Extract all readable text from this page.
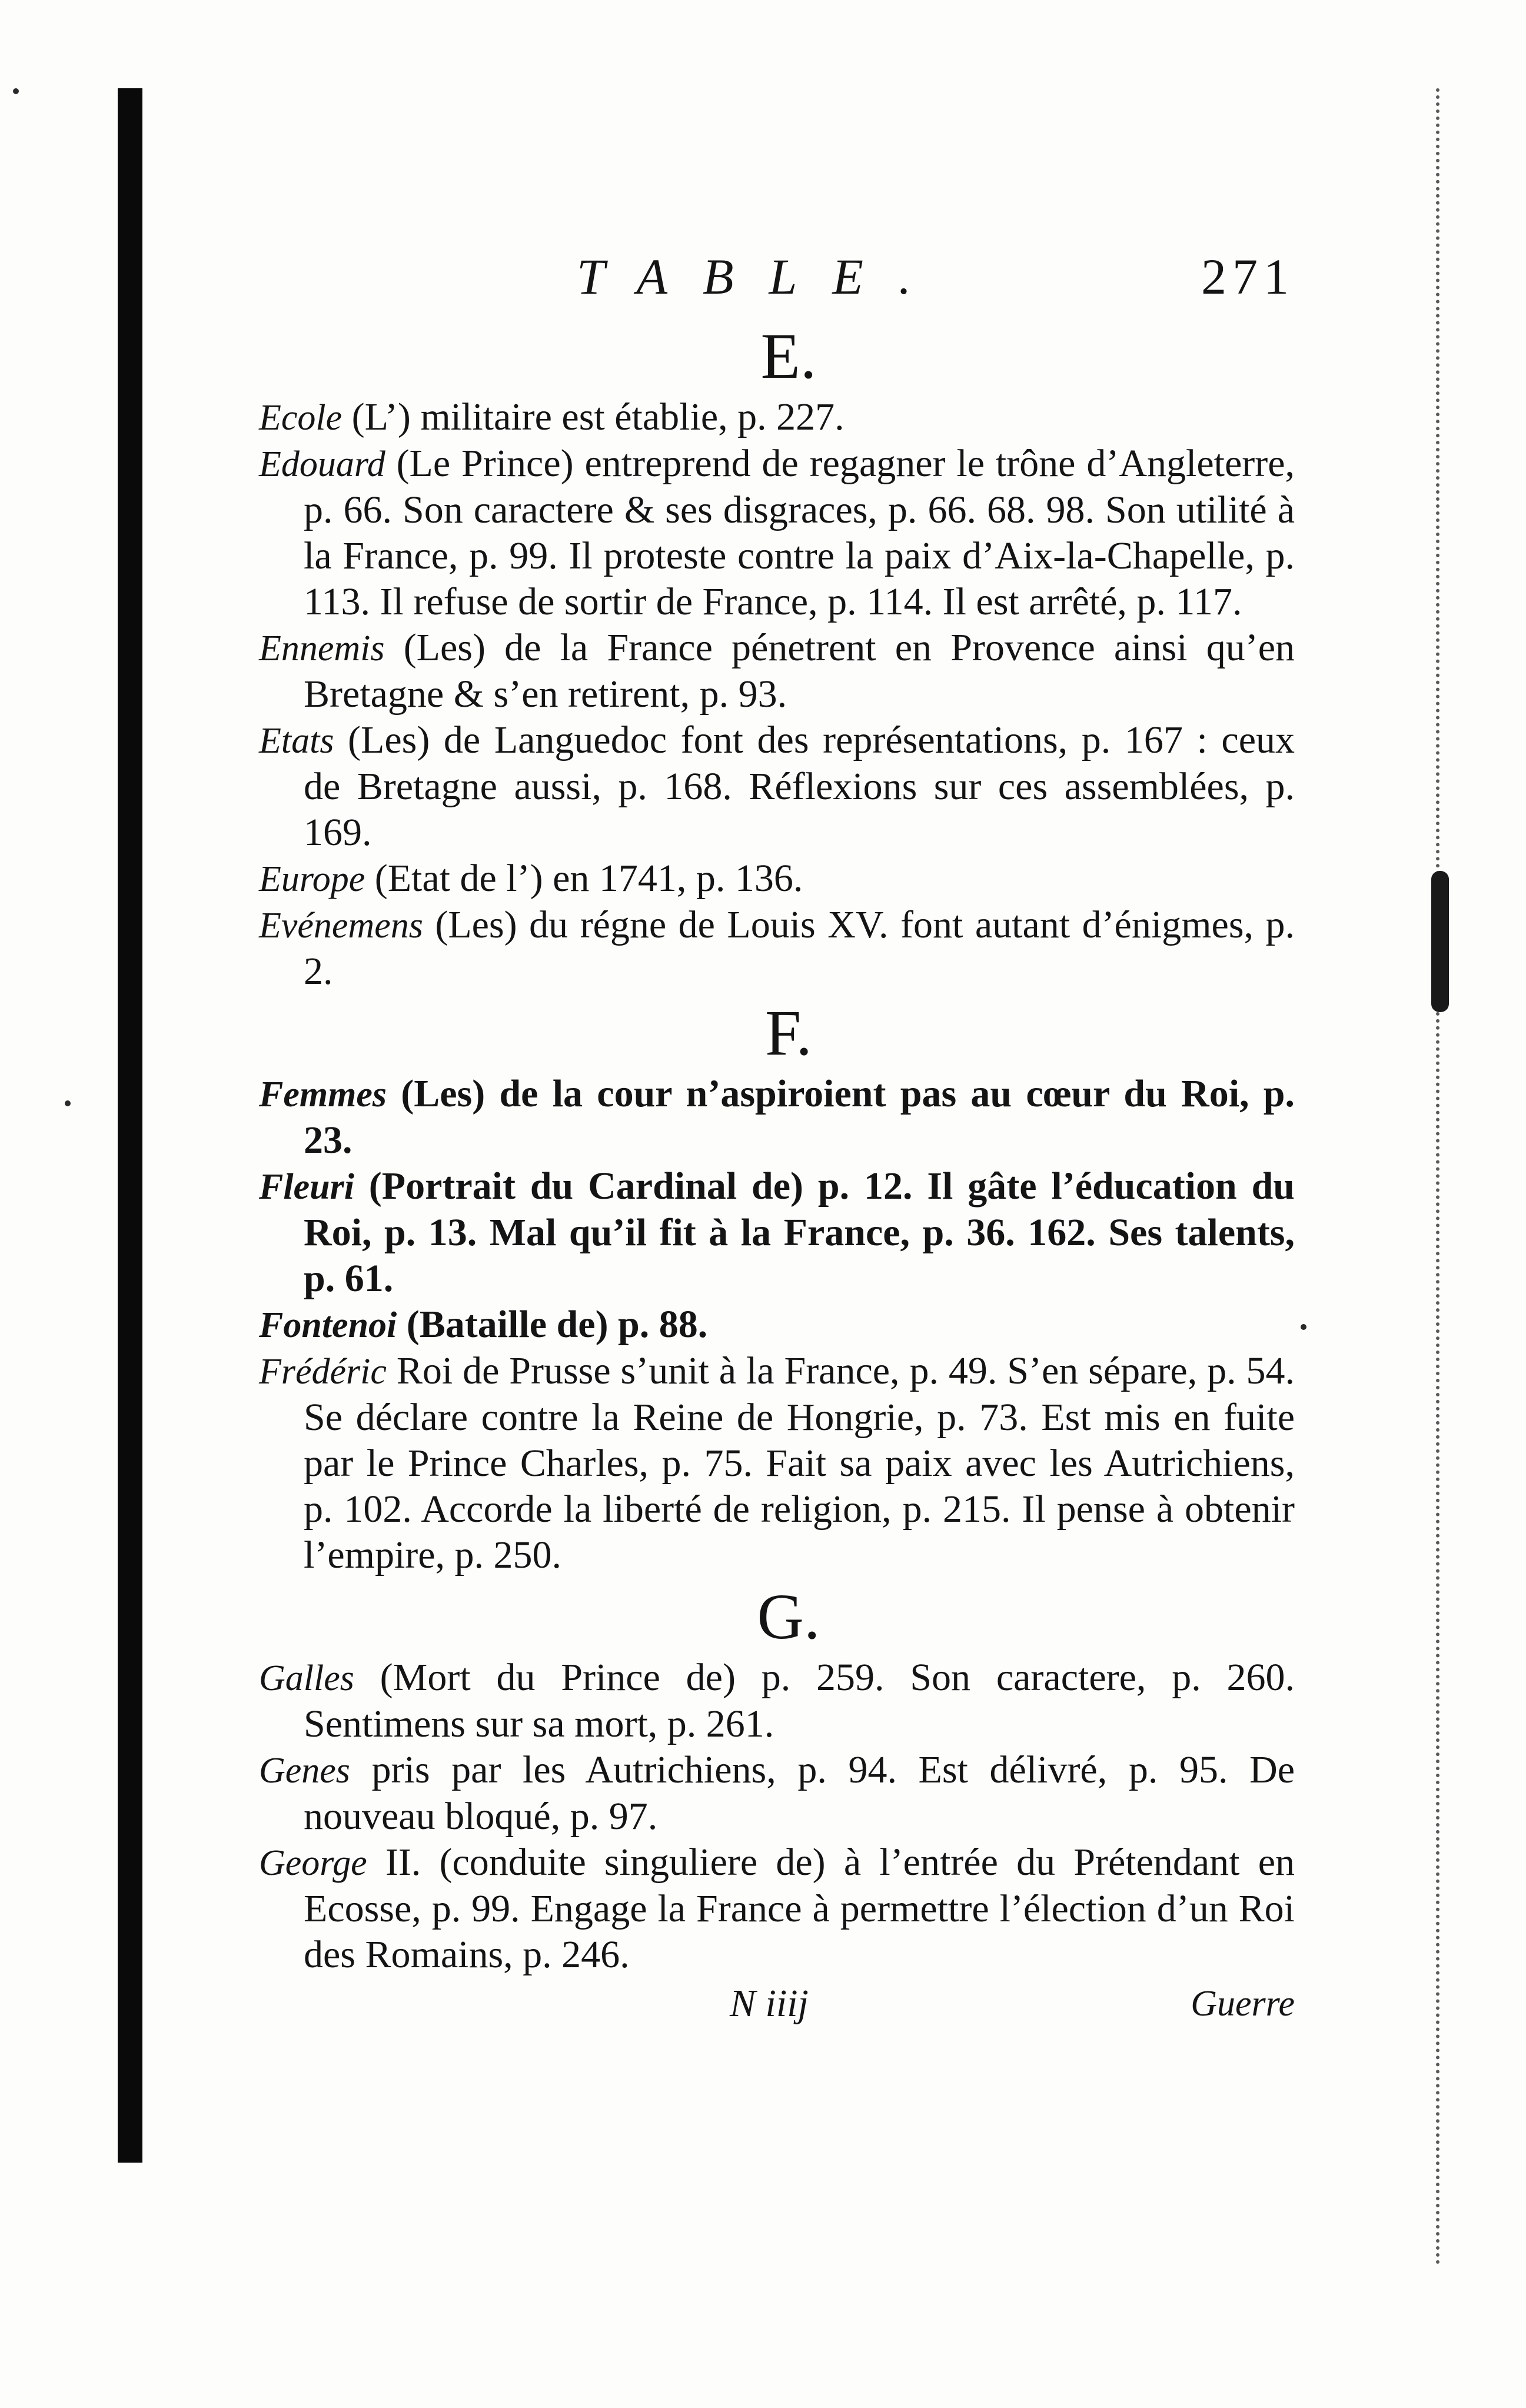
TABLE.	271
E.

Ecole (L’) militaire est établie, p. 227.

Edouard (Le Prince) entreprend de regagner le trône d’Angleterre, p. 66. Son caractere & ses disgraces, p. 66. 68. 98. Son utilité à la France, p. 99. Il proteste contre la paix d’Aix-la-Chapelle, p. 113. Il refuse de sortir de France, p. 114. Il est arrêté, p. 117.

Ennemis (Les) de la France pénetrent en Provence ainsi qu’en Bretagne & s’en retirent, p. 93.

Etats (Les) de Languedoc font des représentations, p. 167 : ceux de Bretagne aussi, p. 168. Réflexions sur ces assemblées, p. 169.

Europe (Etat de l’) en 1741, p. 136.

Evénemens (Les) du régne de Louis XV. font autant d’énigmes, p. 2.

F.

Femmes (Les) de la cour n’aspiroient pas au cœur du Roi, p. 23.

Fleuri (Portrait du Cardinal de) p. 12. Il gâte l’éducation du Roi, p. 13. Mal qu’il fit à la France, p. 36. 162. Ses talents, p. 61.

Fontenoi (Bataille de) p. 88.

Frédéric Roi de Prusse s’unit à la France, p. 49. S’en sépare, p. 54. Se déclare contre la Reine de Hongrie, p. 73. Est mis en fuite par le Prince Charles, p. 75. Fait sa paix avec les Autrichiens, p. 102. Accorde la liberté de religion, p. 215. Il pense à obtenir l’empire, p. 250.

G.

Galles (Mort du Prince de) p. 259. Son caractere, p. 260. Sentimens sur sa mort, p. 261.

Genes pris par les Autrichiens, p. 94. Est délivré, p. 95. De nouveau bloqué, p. 97.

George II. (conduite singuliere de) à l’entrée du Prétendant en Ecosse, p. 99. Engage la France à permettre l’élection d’un Roi des Romains, p. 246.

N iiij	Guerre
